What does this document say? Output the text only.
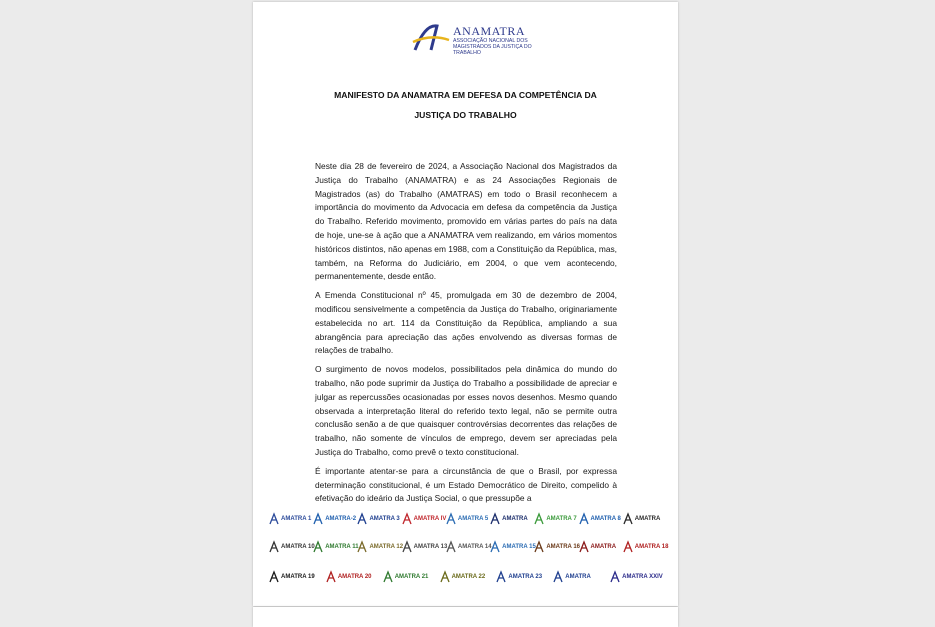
ANAMATRA
ASSOCIAÇÃO NACIONAL DOS MAGISTRADOS DA JUSTIÇA DO TRABALHO
MANIFESTO DA ANAMATRA EM DEFESA DA COMPETÊNCIA DA
JUSTIÇA DO TRABALHO

Neste dia 28 de fevereiro de 2024, a Associação Nacional dos Magistrados da Justiça do Trabalho (ANAMATRA) e as 24 Associações Regionais de Magistrados (as) do Trabalho (AMATRAS) em todo o Brasil reconhecem a importância do movimento da Advocacia em defesa da competência da Justiça do Trabalho. Referido movimento, promovido em várias partes do país na data de hoje, une-se à ação que a ANAMATRA vem realizando, em vários momentos históricos distintos, não apenas em 1988, com a Constituição da República, mas, também, na Reforma do Judiciário, em 2004, o que vem acontecendo, permanentemente, desde então.

A Emenda Constitucional nº 45, promulgada em 30 de dezembro de 2004, modificou sensivelmente a competência da Justiça do Trabalho, originariamente estabelecida no art. 114 da Constituição da República, ampliando a sua abrangência para apreciação das ações envolvendo as diversas formas de relações de trabalho.

O surgimento de novos modelos, possibilitados pela dinâmica do mundo do trabalho, não pode suprimir da Justiça do Trabalho a possibilidade de apreciar e julgar as repercussões ocasionadas por esses novos desenhos. Mesmo quando observada a interpretação literal do referido texto legal, não se permite outra conclusão senão a de que quaisquer controvérsias decorrentes das relações de trabalho, não somente de vínculos de emprego, devem ser apreciadas pela Justiça do Trabalho, como prevê o texto constitucional.

É importante atentar-se para a circunstância de que o Brasil, por expressa determinação constitucional, é um Estado Democrático de Direito, compelido à efetivação do ideário da Justiça Social, o que pressupõe a

AMATRA 1 AMATRA-2 AMATRA 3 AMATRA IV AMATRA 5 AMATRA	AMATRA 7 AMATRA 8 AMATRA
AMATRA 10 AMATRA 11 AMATRA 12 AMATRA 13 AMATRA 14 AMATRA 15 AMATRA 16 AMATRA	AMATRA 18
AMATRA 19	AMATRA 20	AMATRA 21	AMATRA 22	AMATRA 23	AMATRA	AMATRA XXIV
